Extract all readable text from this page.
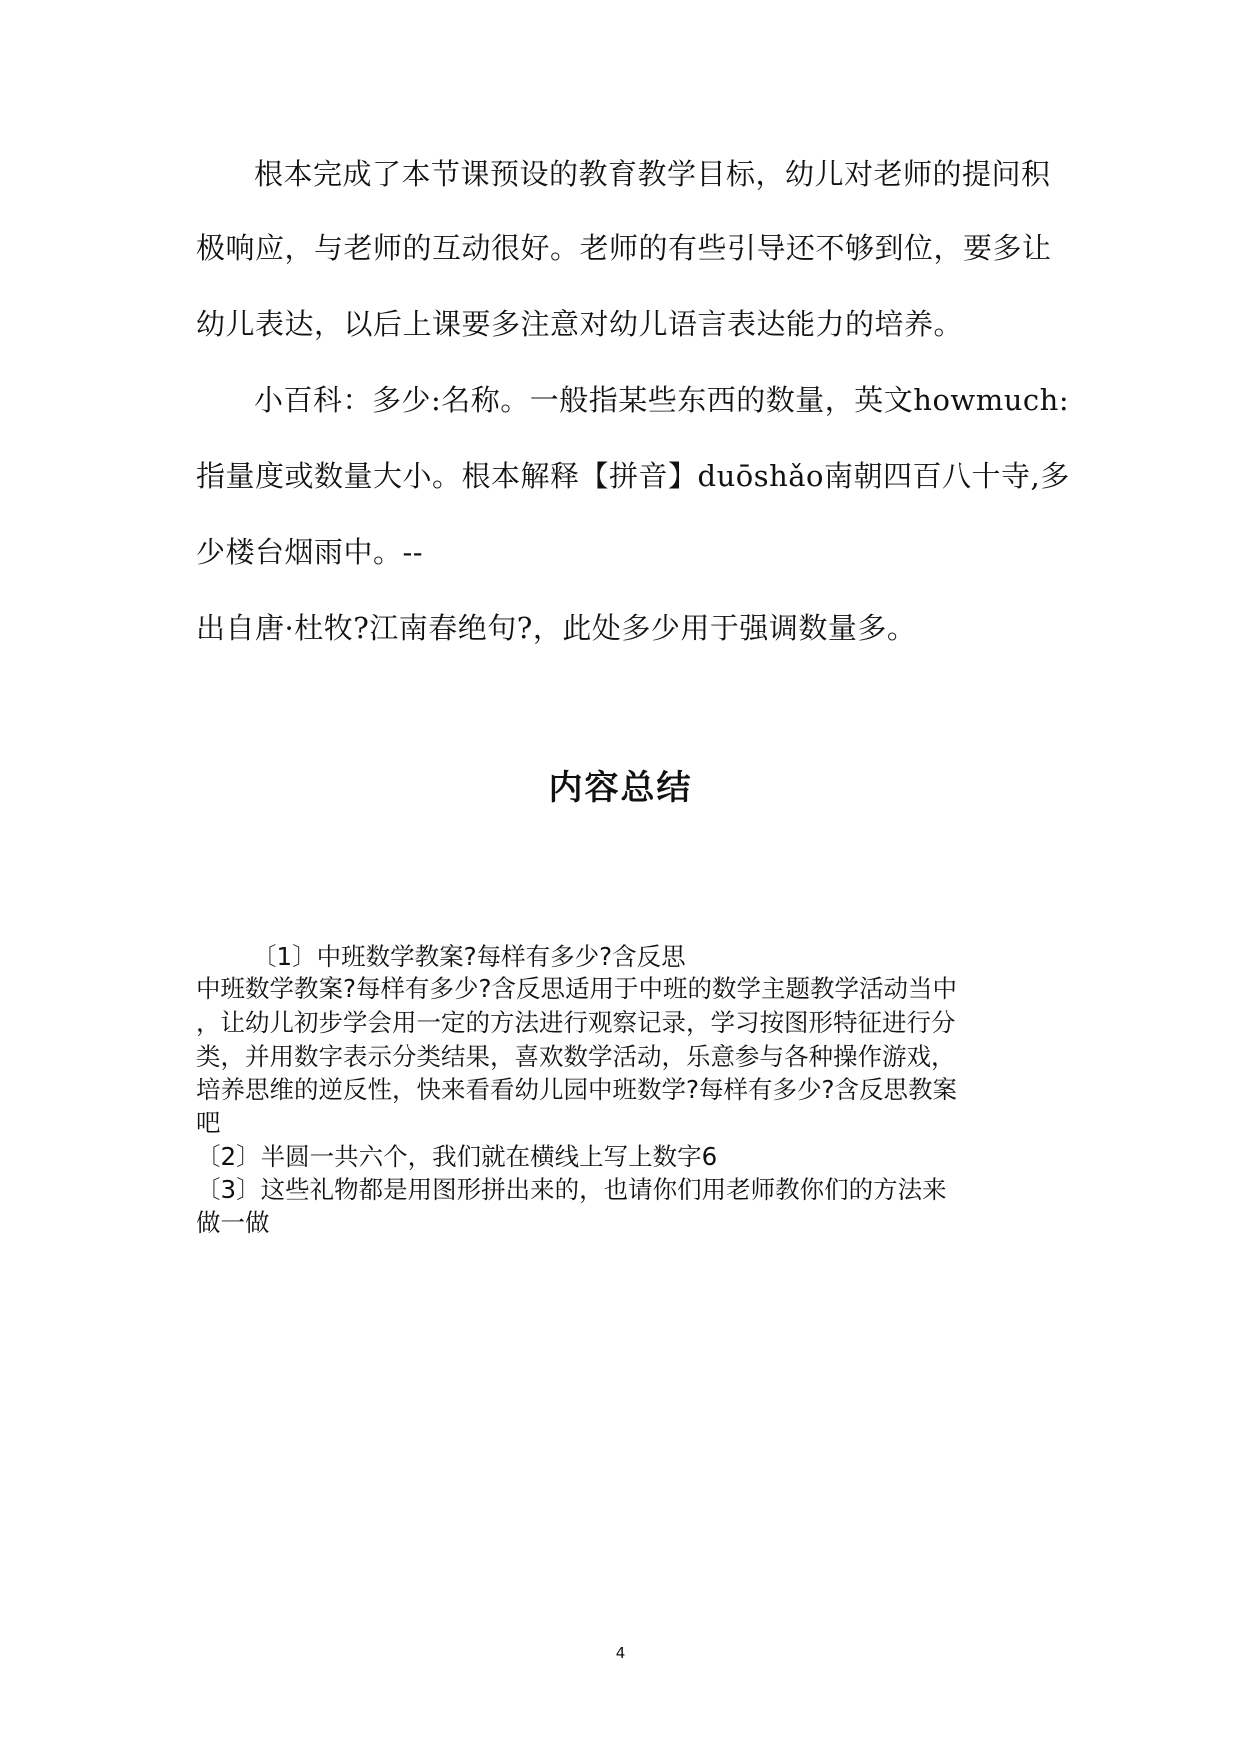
根本完成了本节课预设的教育教学目标，幼儿对老师的提问积
极响应，与老师的互动很好。老师的有些引导还不够到位，要多让
幼儿表达，以后上课要多注意对幼儿语言表达能力的培养。
小百科：多少:名称。一般指某些东西的数量，英文howmuch:
指量度或数量大小。根本解释【拼音】duōshǎo南朝四百八十寺,多
少楼台烟雨中。--
出自唐·杜牧?江南春绝句?，此处多少用于强调数量多。
内容总结
〔1〕中班数学教案?每样有多少?含反思
中班数学教案?每样有多少?含反思适用于中班的数学主题教学活动当中
，让幼儿初步学会用一定的方法进行观察记录，学习按图形特征进行分
类，并用数字表示分类结果，喜欢数学活动，乐意参与各种操作游戏，
培养思维的逆反性，快来看看幼儿园中班数学?每样有多少?含反思教案
吧
〔2〕半圆一共六个，我们就在横线上写上数字6
〔3〕这些礼物都是用图形拼出来的，也请你们用老师教你们的方法来
做一做
4
